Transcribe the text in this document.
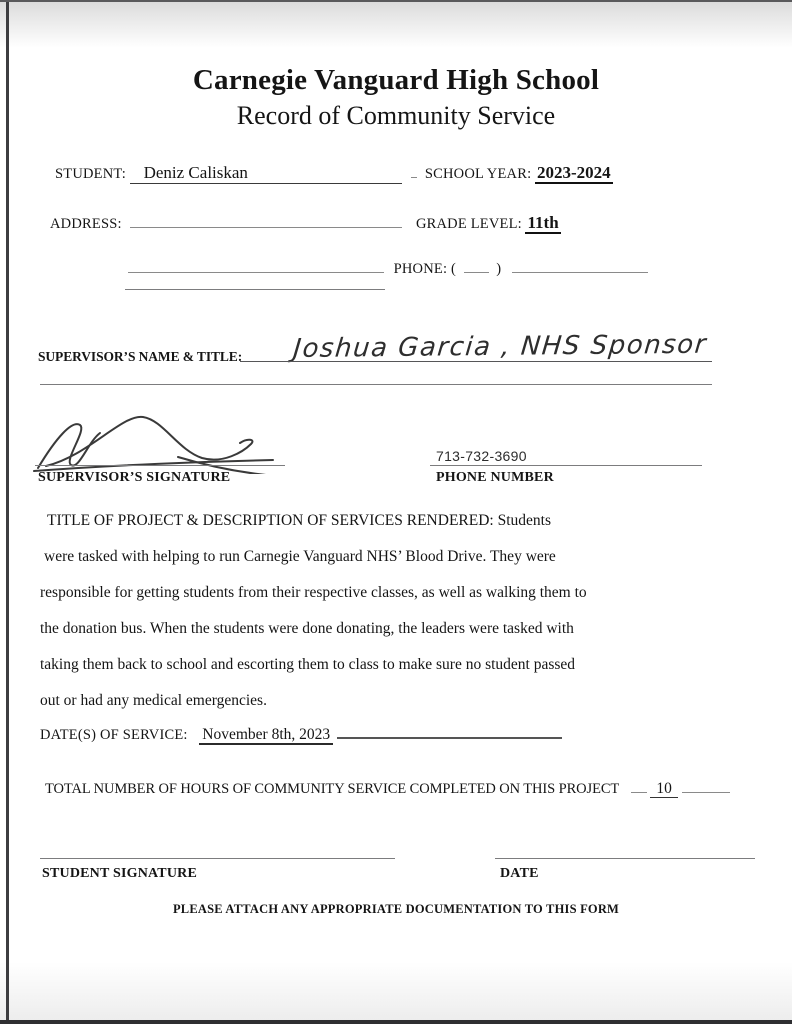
Carnegie Vanguard High School
Record of Community Service
STUDENT: Deniz Caliskan	SCHOOL YEAR: 2023-2024
ADDRESS:	GRADE LEVEL: 11th
PHONE: (	)
SUPERVISOR’S NAME & TITLE: Joshua Garcia , NHS Sponsor
SUPERVISOR’S SIGNATURE
713-732-3690
PHONE NUMBER
TITLE OF PROJECT & DESCRIPTION OF SERVICES RENDERED: Students
were tasked with helping to run Carnegie Vanguard NHS’ Blood Drive. They were
responsible for getting students from their respective classes, as well as walking them to
the donation bus. When the students were done donating, the leaders were tasked with
taking them back to school and escorting them to class to make sure no student passed
out or had any medical emergencies.
DATE(S) OF SERVICE: November 8th, 2023
TOTAL NUMBER OF HOURS OF COMMUNITY SERVICE COMPLETED ON THIS PROJECT 10
STUDENT SIGNATURE	DATE
PLEASE ATTACH ANY APPROPRIATE DOCUMENTATION TO THIS FORM
